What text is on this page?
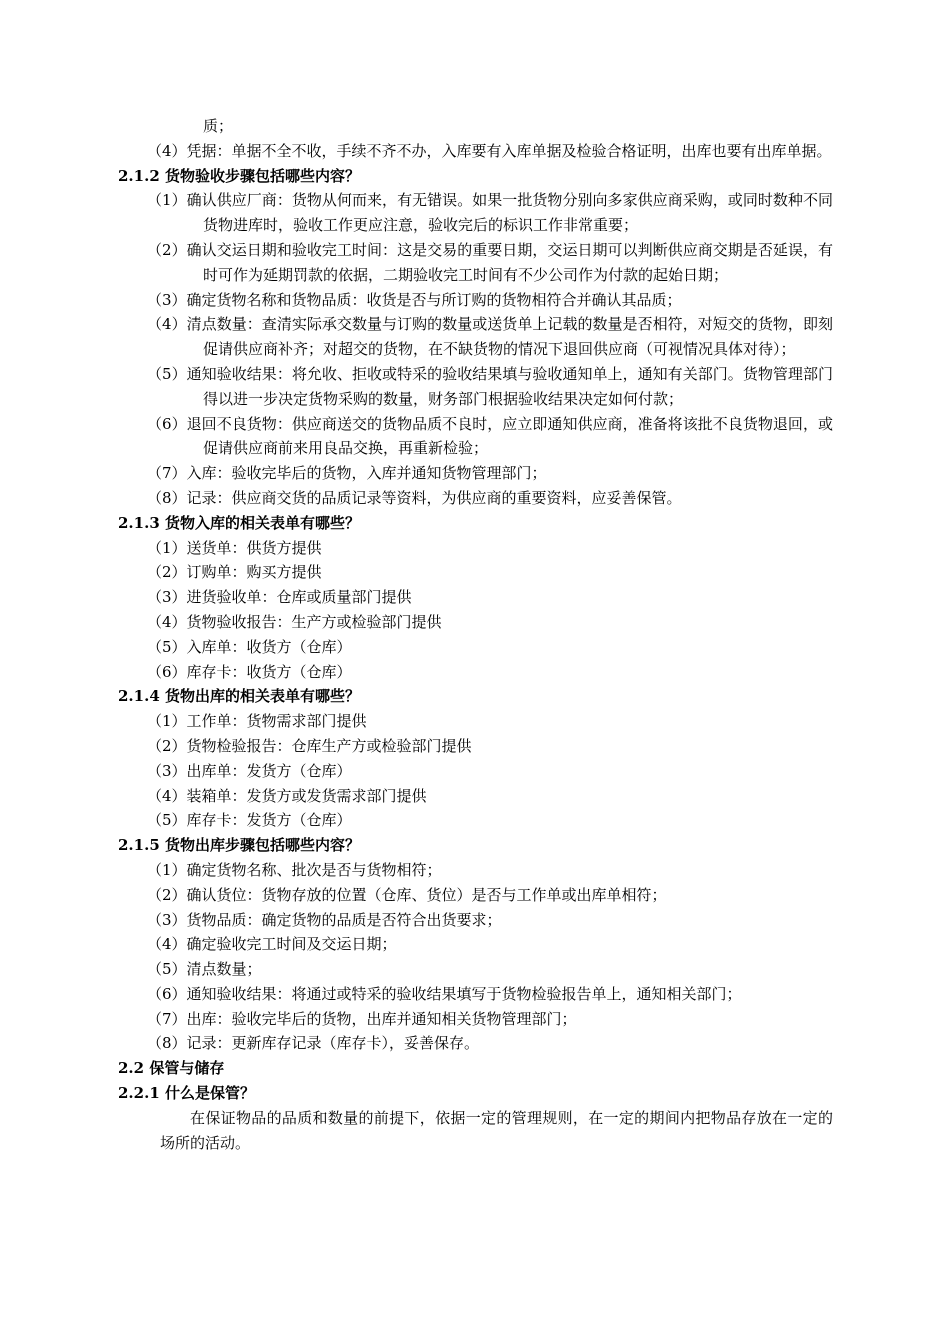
质；
（4）凭据：单据不全不收，手续不齐不办，入库要有入库单据及检验合格证明，出库也要有出库单据。
2.1.2 货物验收步骤包括哪些内容？
（1）确认供应厂商：货物从何而来，有无错误。如果一批货物分别向多家供应商采购，或同时数种不同货物进库时，验收工作更应注意，验收完后的标识工作非常重要；
（2）确认交运日期和验收完工时间：这是交易的重要日期，交运日期可以判断供应商交期是否延误，有时可作为延期罚款的依据，二期验收完工时间有不少公司作为付款的起始日期；
（3）确定货物名称和货物品质：收货是否与所订购的货物相符合并确认其品质；
（4）清点数量：查清实际承交数量与订购的数量或送货单上记载的数量是否相符，对短交的货物，即刻促请供应商补齐；对超交的货物，在不缺货物的情况下退回供应商（可视情况具体对待）；
（5）通知验收结果：将允收、拒收或特采的验收结果填与验收通知单上，通知有关部门。货物管理部门得以进一步决定货物采购的数量，财务部门根据验收结果决定如何付款；
（6）退回不良货物：供应商送交的货物品质不良时，应立即通知供应商，准备将该批不良货物退回，或促请供应商前来用良品交换，再重新检验；
（7）入库：验收完毕后的货物，入库并通知货物管理部门；
（8）记录：供应商交货的品质记录等资料，为供应商的重要资料，应妥善保管。
2.1.3 货物入库的相关表单有哪些？
（1）送货单：供货方提供
（2）订购单：购买方提供
（3）进货验收单：仓库或质量部门提供
（4）货物验收报告：生产方或检验部门提供
（5）入库单：收货方（仓库）
（6）库存卡：收货方（仓库）
2.1.4 货物出库的相关表单有哪些？
（1）工作单：货物需求部门提供
（2）货物检验报告：仓库生产方或检验部门提供
（3）出库单：发货方（仓库）
（4）装箱单：发货方或发货需求部门提供
（5）库存卡：发货方（仓库）
2.1.5 货物出库步骤包括哪些内容？
（1）确定货物名称、批次是否与货物相符；
（2）确认货位：货物存放的位置（仓库、货位）是否与工作单或出库单相符；
（3）货物品质：确定货物的品质是否符合出货要求；
（4）确定验收完工时间及交运日期；
（5）清点数量；
（6）通知验收结果：将通过或特采的验收结果填写于货物检验报告单上，通知相关部门；
（7）出库：验收完毕后的货物，出库并通知相关货物管理部门；
（8）记录：更新库存记录（库存卡），妥善保存。
2.2 保管与储存
2.2.1 什么是保管？
在保证物品的品质和数量的前提下，依据一定的管理规则，在一定的期间内把物品存放在一定的场所的活动。
